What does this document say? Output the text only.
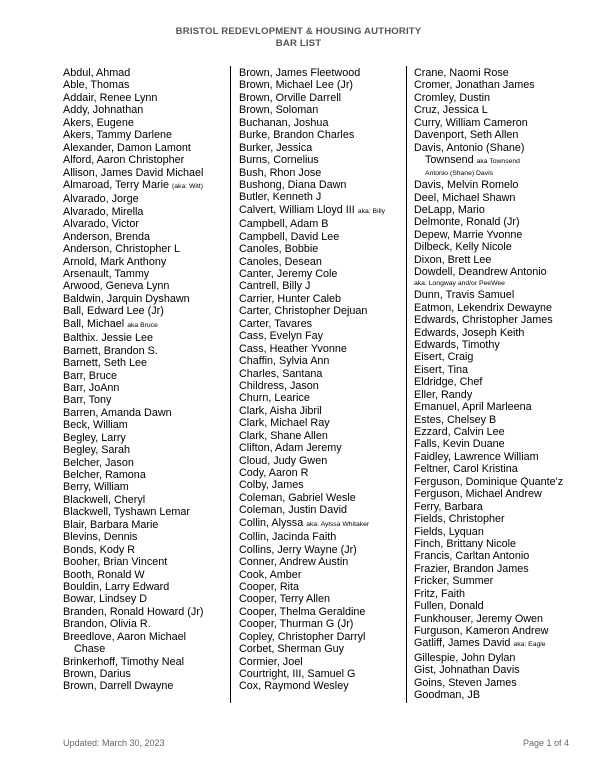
BRISTOL REDEVLOPMENT & HOUSING AUTHORITY
BAR LIST
Abdul, Ahmad
Able, Thomas
Addair, Renee Lynn
Addy, Johnathan
Akers, Eugene
Akers, Tammy Darlene
Alexander, Damon Lamont
Alford, Aaron Christopher
Allison, James David Michael
Almaroad, Terry Marie (aka: Witt)
Alvarado, Jorge
Alvarado, Mirella
Alvarado, Victor
Anderson, Brenda
Anderson, Christopher L
Arnold, Mark Anthony
Arsenault, Tammy
Arwood, Geneva Lynn
Baldwin, Jarquin Dyshawn
Ball, Edward Lee (Jr)
Ball, Michael aka Bruce
Balthix. Jessie Lee
Barnett, Brandon S.
Barnett, Seth Lee
Barr, Bruce
Barr, JoAnn
Barr, Tony
Barren, Amanda Dawn
Beck, William
Begley, Larry
Begley, Sarah
Belcher, Jason
Belcher, Ramona
Berry, William
Blackwell, Cheryl
Blackwell, Tyshawn Lemar
Blair, Barbara Marie
Blevins, Dennis
Bonds, Kody R
Booher, Brian Vincent
Booth, Ronald W
Bouldin, Larry Edward
Bowar, Lindsey D
Branden, Ronald Howard (Jr)
Brandon, Olivia R.
Breedlove, Aaron Michael
Chase
Brinkerhoff, Timothy Neal
Brown, Darius
Brown, Darrell Dwayne
Brown, James Fleetwood
Brown, Michael Lee (Jr)
Brown, Orville Darrell
Brown, Soloman
Buchanan, Joshua
Burke, Brandon Charles
Burker, Jessica
Burns, Cornelius
Bush, Rhon Jose
Bushong, Diana Dawn
Butler, Kenneth J
Calvert, William Lloyd III aka: Billy
Campbell, Adam B
Campbell, David Lee
Canoles, Bobbie
Canoles, Desean
Canter, Jeremy Cole
Cantrell, Billy J
Carrier, Hunter Caleb
Carter, Christopher Dejuan
Carter, Tavares
Cass, Evelyn Fay
Cass, Heather Yvonne
Chaffin, Sylvia Ann
Charles, Santana
Childress, Jason
Churn, Learice
Clark, Aisha Jibril
Clark, Michael Ray
Clark, Shane Allen
Clifton, Adam Jeremy
Cloud, Judy Gwen
Cody, Aaron R
Colby, James
Coleman, Gabriel Wesle
Coleman, Justin David
Collin, Alyssa aka: Aylssa Whitaker
Collin, Jacinda Faith
Collins, Jerry Wayne (Jr)
Conner, Andrew Austin
Cook, Amber
Cooper, Rita
Cooper, Terry Allen
Cooper, Thelma Geraldine
Cooper, Thurman G (Jr)
Copley, Christopher Darryl
Corbet, Sherman Guy
Cormier, Joel
Courtright, III, Samuel G
Cox, Raymond Wesley
Crane, Naomi Rose
Cromer, Jonathan James
Cromley, Dustin
Cruz, Jessica L
Curry, William Cameron
Davenport, Seth Allen
Davis, Antonio (Shane)
Townsend aka Townsend
Antonio (Shane) Davis
Davis, Melvin Romelo
Deel, Michael Shawn
DeLapp, Mario
Delmonte, Ronald (Jr)
Depew, Marrie Yvonne
Dilbeck, Kelly Nicole
Dixon, Brett Lee
Dowdell, Deandrew Antonio
aka: Longway and/or PeeWee
Dunn, Travis Samuel
Eatmon, Lekendrix Dewayne
Edwards, Christopher James
Edwards, Joseph Keith
Edwards, Timothy
Eisert, Craig
Eisert, Tina
Eldridge, Chef
Eller, Randy
Emanuel, April Marleena
Estes, Chelsey B
Ezzard, Calvin Lee
Falls, Kevin Duane
Faidley, Lawrence William
Feltner, Carol Kristina
Ferguson, Dominique Quante'z
Ferguson, Michael Andrew
Ferry, Barbara
Fields, Christopher
Fields, Lyquan
Finch, Brittany Nicole
Francis, Carltan Antonio
Frazier, Brandon James
Fricker, Summer
Fritz, Faith
Fullen, Donald
Funkhouser, Jeremy Owen
Furguson, Kameron Andrew
Gatliff, James David aka: Eagle
Gillespie, John Dylan
Gist, Johnathan Davis
Goins, Steven James
Goodman, JB
Updated: March 30, 2023	Page 1 of 4
